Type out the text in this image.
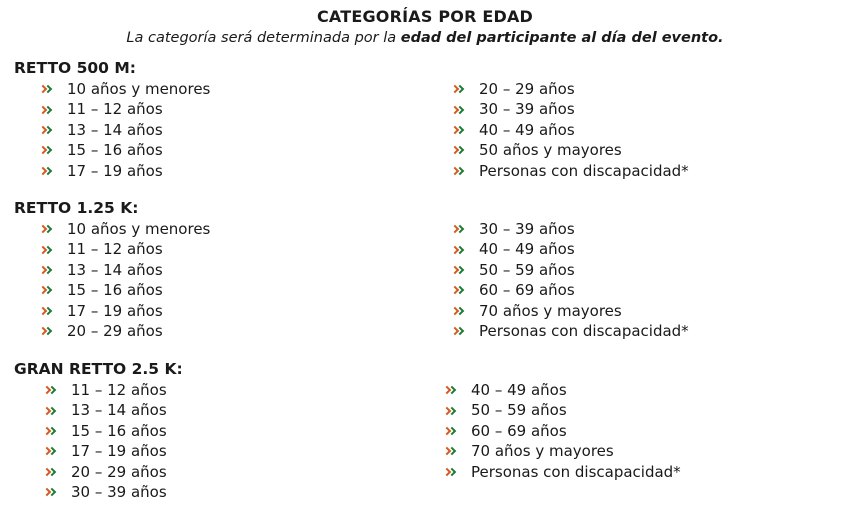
CATEGORÍAS POR EDAD
La categoría será determinada por la edad del participante al día del evento.
RETTO 500 M:
10 años y menores
11 – 12 años
13 – 14 años
15 – 16 años
17 – 19 años
20 – 29 años
30 – 39 años
40 – 49 años
50 años y mayores
Personas con discapacidad*
RETTO 1.25 K:
10 años y menores
11 – 12 años
13 – 14 años
15 – 16 años
17 – 19 años
20 – 29 años
30 – 39 años
40 – 49 años
50 – 59 años
60 – 69 años
70 años y mayores
Personas con discapacidad*
GRAN RETTO 2.5 K:
11 – 12 años
13 – 14 años
15 – 16 años
17 – 19 años
20 – 29 años
30 – 39 años
40 – 49 años
50 – 59 años
60 – 69 años
70 años y mayores
Personas con discapacidad*
